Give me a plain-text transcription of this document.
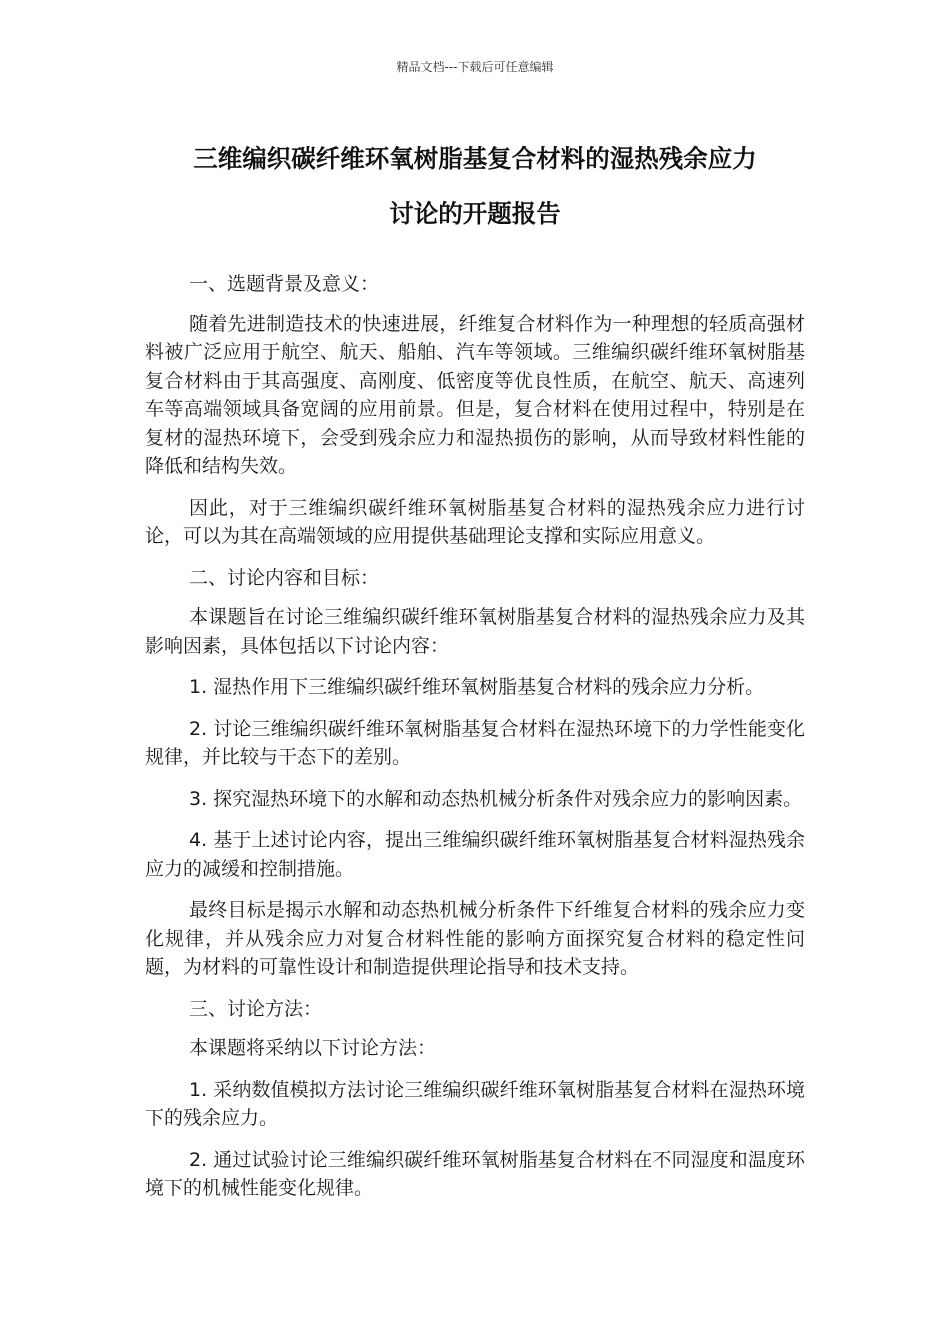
精品文档---下载后可任意编辑
三维编织碳纤维环氧树脂基复合材料的湿热残余应力
讨论的开题报告

一、选题背景及意义：

随着先进制造技术的快速进展，纤维复合材料作为一种理想的轻质高强材料被广泛应用于航空、航天、船舶、汽车等领域。三维编织碳纤维环氧树脂基复合材料由于其高强度、高刚度、低密度等优良性质，在航空、航天、高速列车等高端领域具备宽阔的应用前景。但是，复合材料在使用过程中，特别是在复材的湿热环境下，会受到残余应力和湿热损伤的影响，从而导致材料性能的降低和结构失效。

因此，对于三维编织碳纤维环氧树脂基复合材料的湿热残余应力进行讨论，可以为其在高端领域的应用提供基础理论支撑和实际应用意义。

二、讨论内容和目标：

本课题旨在讨论三维编织碳纤维环氧树脂基复合材料的湿热残余应力及其影响因素，具体包括以下讨论内容：

1. 湿热作用下三维编织碳纤维环氧树脂基复合材料的残余应力分析。

2. 讨论三维编织碳纤维环氧树脂基复合材料在湿热环境下的力学性能变化规律，并比较与干态下的差别。

3. 探究湿热环境下的水解和动态热机械分析条件对残余应力的影响因素。

4. 基于上述讨论内容，提出三维编织碳纤维环氧树脂基复合材料湿热残余应力的减缓和控制措施。

最终目标是揭示水解和动态热机械分析条件下纤维复合材料的残余应力变化规律，并从残余应力对复合材料性能的影响方面探究复合材料的稳定性问题，为材料的可靠性设计和制造提供理论指导和技术支持。

三、讨论方法：

本课题将采纳以下讨论方法：

1. 采纳数值模拟方法讨论三维编织碳纤维环氧树脂基复合材料在湿热环境下的残余应力。

2. 通过试验讨论三维编织碳纤维环氧树脂基复合材料在不同湿度和温度环境下的机械性能变化规律。
